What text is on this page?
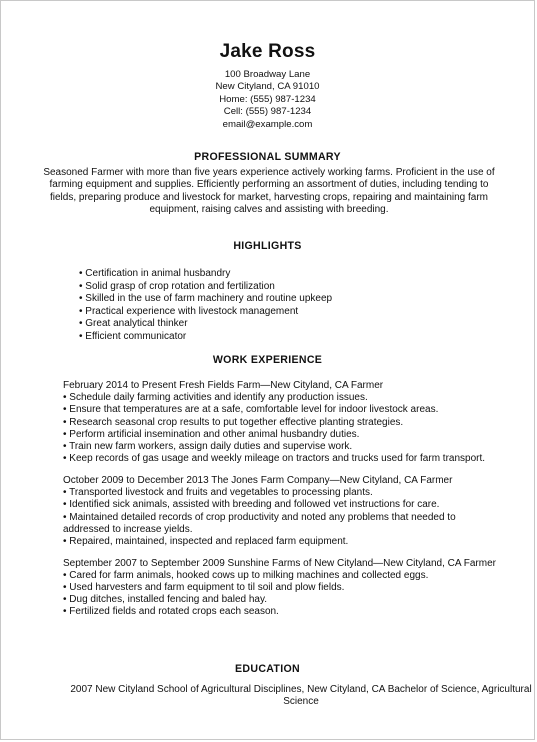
Jake Ross
100 Broadway Lane
New Cityland, CA 91010
Home: (555) 987-1234
Cell: (555) 987-1234
email@example.com
PROFESSIONAL SUMMARY
Seasoned Farmer with more than five years experience actively working farms. Proficient in the use of farming equipment and supplies. Efficiently performing an assortment of duties, including tending to fields, preparing produce and livestock for market, harvesting crops, repairing and maintaining farm equipment, raising calves and assisting with breeding.
HIGHLIGHTS
• Certification in animal husbandry
• Solid grasp of crop rotation and fertilization
• Skilled in the use of farm machinery and routine upkeep
• Practical experience with livestock management
• Great analytical thinker
• Efficient communicator
WORK EXPERIENCE
February 2014 to Present Fresh Fields Farm—New Cityland, CA Farmer
• Schedule daily farming activities and identify any production issues.
• Ensure that temperatures are at a safe, comfortable level for indoor livestock areas.
• Research seasonal crop results to put together effective planting strategies.
• Perform artificial insemination and other animal husbandry duties.
• Train new farm workers, assign daily duties and supervise work.
• Keep records of gas usage and weekly mileage on tractors and trucks used for farm transport.
October 2009 to December 2013 The Jones Farm Company—New Cityland, CA Farmer
• Transported livestock and fruits and vegetables to processing plants.
• Identified sick animals, assisted with breeding and followed vet instructions for care.
• Maintained detailed records of crop productivity and noted any problems that needed to addressed to increase yields.
• Repaired, maintained, inspected and replaced farm equipment.
September 2007 to September 2009 Sunshine Farms of New Cityland—New Cityland, CA Farmer
• Cared for farm animals, hooked cows up to milking machines and collected eggs.
• Used harvesters and farm equipment to til soil and plow fields.
• Dug ditches, installed fencing and baled hay.
• Fertilized fields and rotated crops each season.
EDUCATION
2007 New Cityland School of Agricultural Disciplines, New Cityland, CA Bachelor of Science, Agricultural Science
